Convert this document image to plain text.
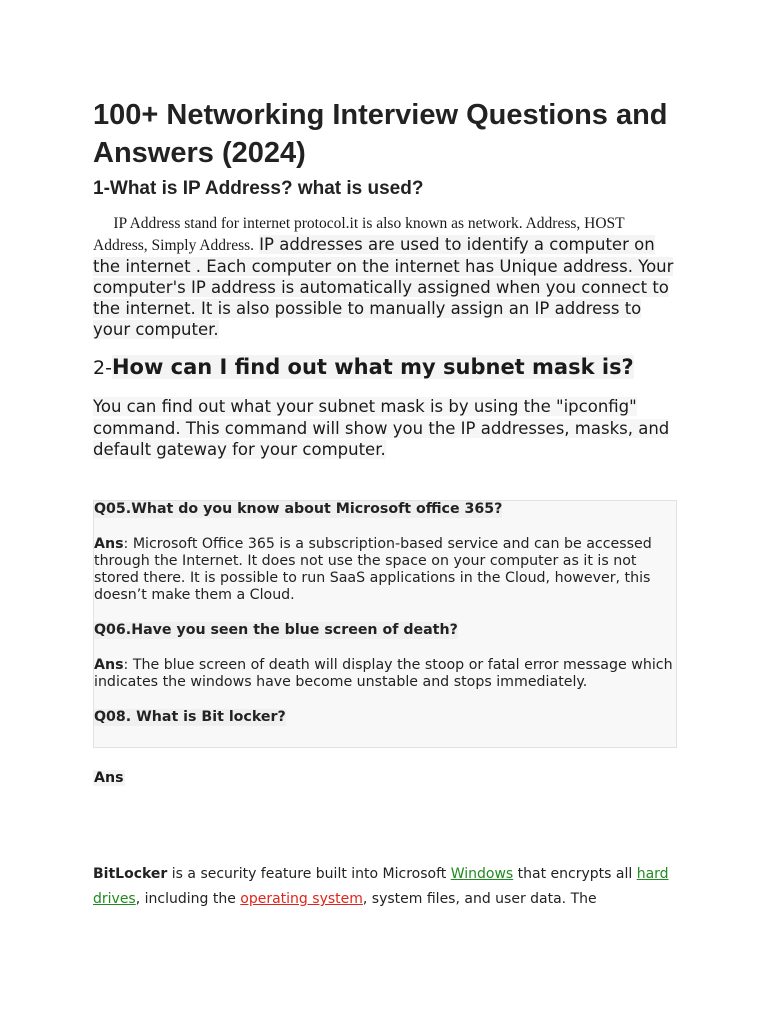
100+ Networking Interview Questions and Answers (2024)
1-What is IP Address? what is used?

IP Address stand for internet protocol.it is also known as network. Address, HOST Address, Simply Address. IP addresses are used to identify a computer on the internet . Each computer on the internet has Unique address. Your computer's IP address is automatically assigned when you connect to the internet. It is also possible to manually assign an IP address to your computer.

2-How can I find out what my subnet mask is?
You can find out what your subnet mask is by using the "ipconfig" command. This command will show you the IP addresses, masks, and default gateway for your computer.

Q05.What do you know about Microsoft office 365?

Ans: Microsoft Office 365 is a subscription-based service and can be accessed through the Internet. It does not use the space on your computer as it is not stored there. It is possible to run SaaS applications in the Cloud, however, this doesn’t make them a Cloud.

Q06.Have you seen the blue screen of death?

Ans: The blue screen of death will display the stoop or fatal error message which indicates the windows have become unstable and stops immediately.

Q08. What is Bit locker?

Ans

BitLocker is a security feature built into Microsoft Windows that encrypts all hard drives, including the operating system, system files, and user data. The
